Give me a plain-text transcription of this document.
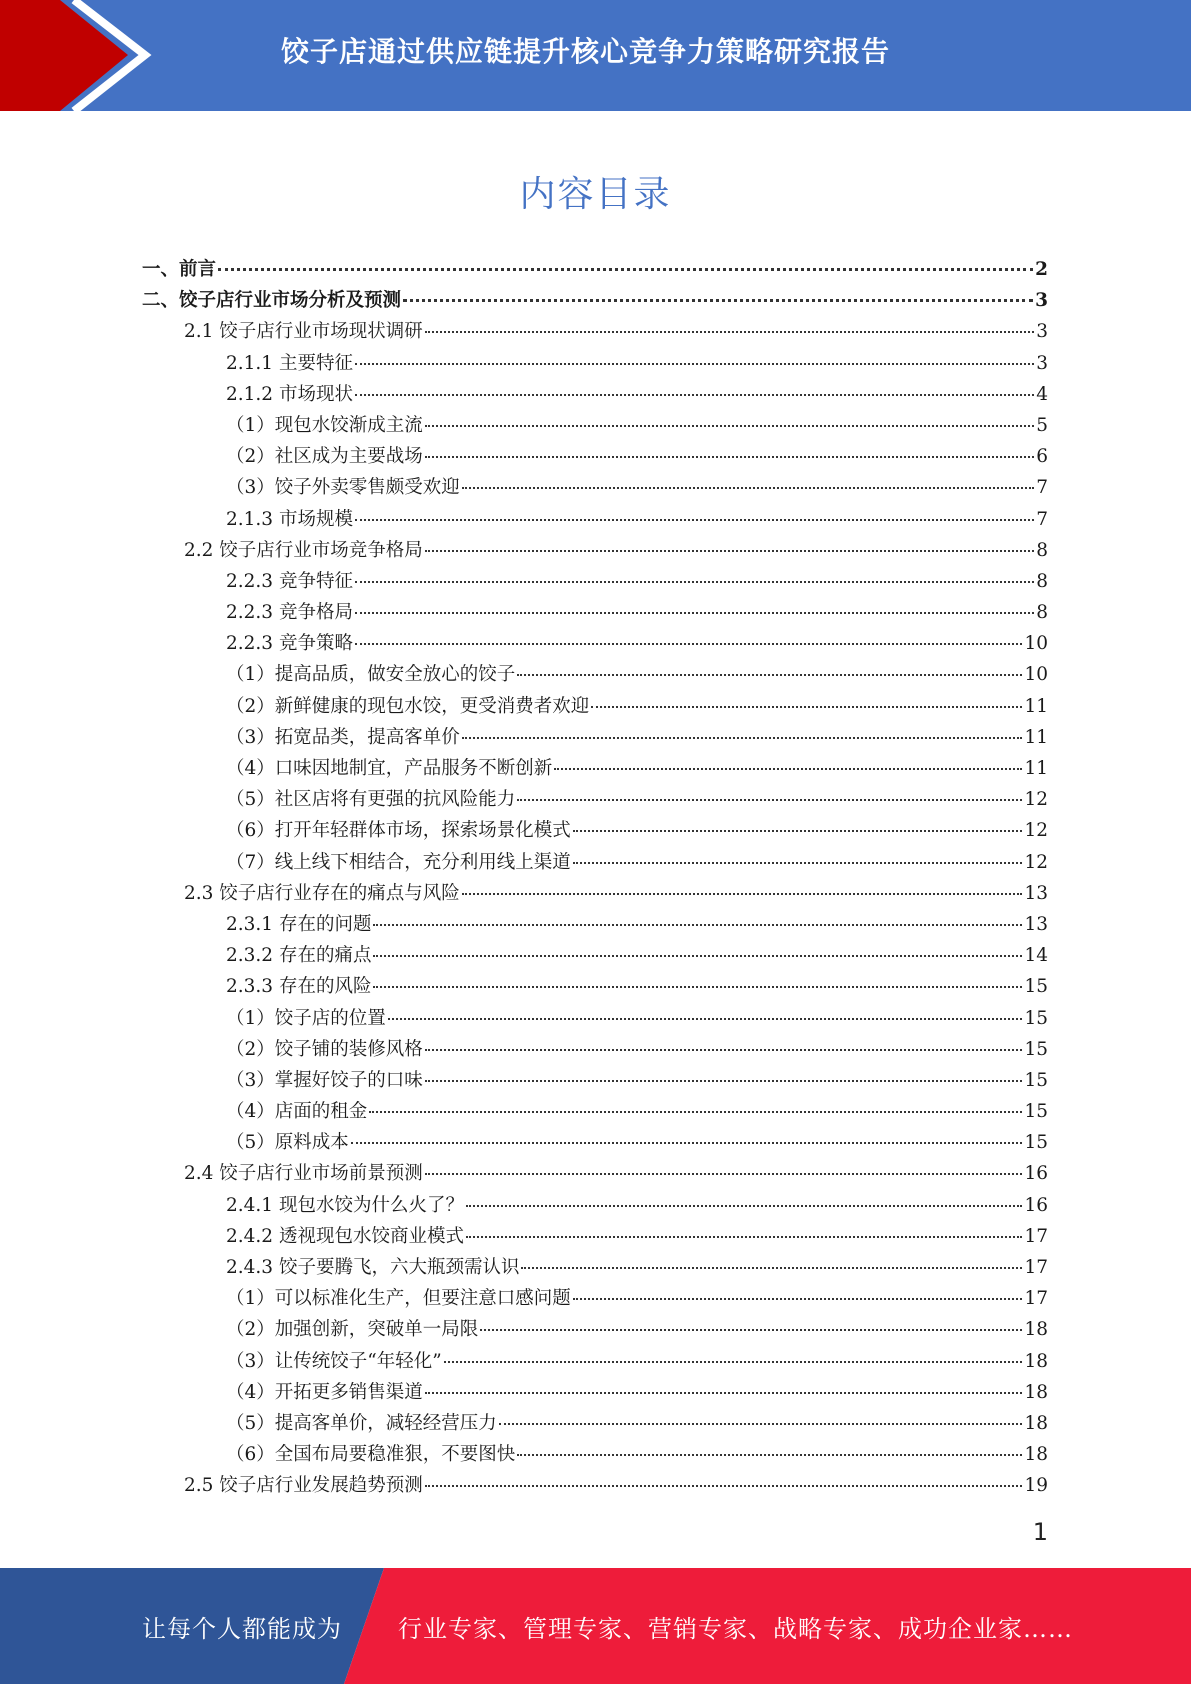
饺子店通过供应链提升核心竞争力策略研究报告
内容目录
一、前言	2
二、饺子店行业市场分析及预测	3
2.1 饺子店行业市场现状调研	3
2.1.1 主要特征	3
2.1.2 市场现状	4
（1）现包水饺渐成主流	5
（2）社区成为主要战场	6
（3）饺子外卖零售颇受欢迎	7
2.1.3 市场规模	7
2.2 饺子店行业市场竞争格局	8
2.2.3 竞争特征	8
2.2.3 竞争格局	8
2.2.3 竞争策略	10
（1）提高品质，做安全放心的饺子	10
（2）新鲜健康的现包水饺，更受消费者欢迎	11
（3）拓宽品类，提高客单价	11
（4）口味因地制宜，产品服务不断创新	11
（5）社区店将有更强的抗风险能力	12
（6）打开年轻群体市场，探索场景化模式	12
（7）线上线下相结合，充分利用线上渠道	12
2.3 饺子店行业存在的痛点与风险	13
2.3.1 存在的问题	13
2.3.2 存在的痛点	14
2.3.3 存在的风险	15
（1）饺子店的位置	15
（2）饺子铺的装修风格	15
（3）掌握好饺子的口味	15
（4）店面的租金	15
（5）原料成本	15
2.4 饺子店行业市场前景预测	16
2.4.1 现包水饺为什么火了？	16
2.4.2 透视现包水饺商业模式	17
2.4.3 饺子要腾飞，六大瓶颈需认识	17
（1）可以标准化生产，但要注意口感问题	17
（2）加强创新，突破单一局限	18
（3）让传统饺子“年轻化”	18
（4）开拓更多销售渠道	18
（5）提高客单价，减轻经营压力	18
（6）全国布局要稳准狠，不要图快	18
2.5 饺子店行业发展趋势预测	19
1
让每个人都能成为 行业专家、管理专家、营销专家、战略专家、成功企业家……
